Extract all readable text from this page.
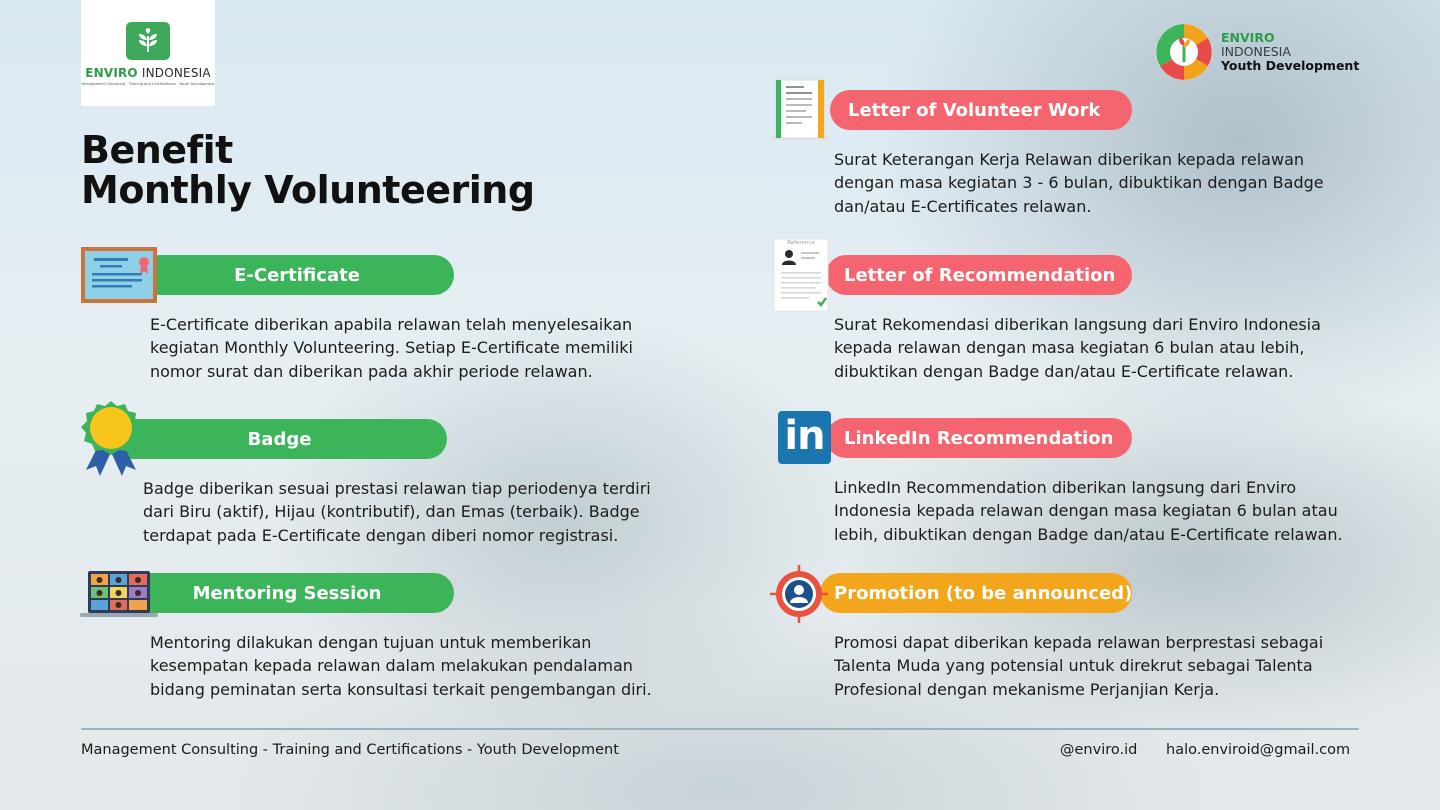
ENVIRO INDONESIA
Management Consulting - Training and Certifications - Youth Development
ENVIRO
INDONESIA
Youth Development
Benefit
Monthly Volunteering
E-Certificate
E-Certificate diberikan apabila relawan telah menyelesaikan kegiatan Monthly Volunteering. Setiap E-Certificate memiliki nomor surat dan diberikan pada akhir periode relawan.
Badge
Badge diberikan sesuai prestasi relawan tiap periodenya terdiri dari Biru (aktif), Hijau (kontributif), dan Emas (terbaik). Badge terdapat pada E-Certificate dengan diberi nomor registrasi.
Mentoring Session
Mentoring dilakukan dengan tujuan untuk memberikan kesempatan kepada relawan dalam melakukan pendalaman bidang peminatan serta konsultasi terkait pengembangan diri.
Letter of Volunteer Work
Surat Keterangan Kerja Relawan diberikan kepada relawan dengan masa kegiatan 3 - 6 bulan, dibuktikan dengan Badge dan/atau E-Certificates relawan.
Letter of Recommendation
Reference
Surat Rekomendasi diberikan langsung dari Enviro Indonesia kepada relawan dengan masa kegiatan 6 bulan atau lebih, dibuktikan dengan Badge dan/atau E-Certificate relawan.
LinkedIn Recommendation
in
LinkedIn Recommendation diberikan langsung dari Enviro Indonesia kepada relawan dengan masa kegiatan 6 bulan atau lebih, dibuktikan dengan Badge dan/atau E-Certificate relawan.
Promotion (to be announced)
Promosi dapat diberikan kepada relawan berprestasi sebagai Talenta Muda yang potensial untuk direkrut sebagai Talenta Profesional dengan mekanisme Perjanjian Kerja.
Management Consulting - Training and Certifications - Youth Development	@enviro.id halo.enviroid@gmail.com
